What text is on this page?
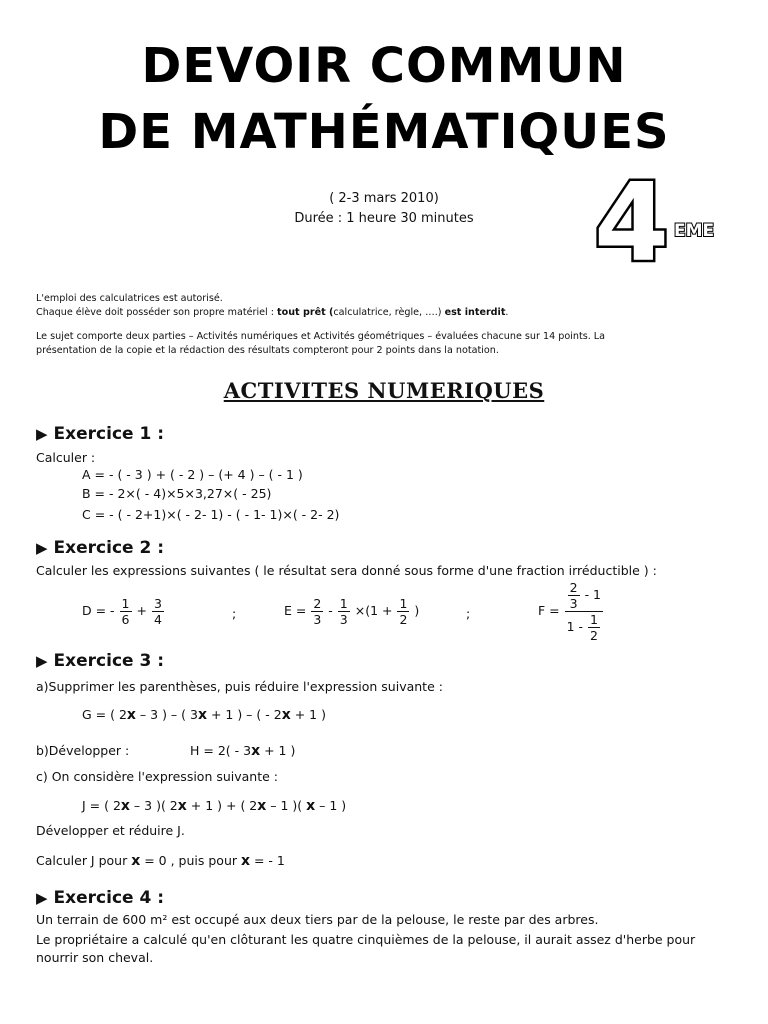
DEVOIR COMMUN
DE MATHÉMATIQUES
( 2-3 mars 2010)
Durée : 1 heure 30 minutes	4 EME
L'emploi des calculatrices est autorisé.
Chaque élève doit posséder son propre matériel : tout prêt (calculatrice, règle, ….) est interdit.
Le sujet comporte deux parties – Activités numériques et Activités géométriques – évaluées chacune sur 14 points. La
présentation de la copie et la rédaction des résultats compteront pour 2 points dans la notation.
ACTIVITES NUMERIQUES
▶ Exercice 1 :
Calculer :
A = - ( - 3 ) + ( - 2 ) – (+ 4 ) – ( - 1 )
B = - 2×( - 4)×5×3,27×( - 25)
C = - ( - 2+1)×( - 2- 1) - ( - 1- 1)×( - 2- 2)
▶ Exercice 2 :
Calculer les expressions suivantes ( le résultat sera donné sous forme d'une fraction irréductible ) :
D = - $\frac{1}{6} + \frac{3}{4}$	;	$E = \frac{2}{3} - \frac{1}{3} \times(1 + \frac{1}{2}$ )	;	$F = \frac{\frac{2}{3} - 1}{1 - \frac{1}{2}}$
▶ Exercice 3 :
a)Supprimer les parenthèses, puis réduire l'expression suivante :
G = ( 2x – 3 ) – ( 3x + 1 ) – ( - 2x + 1 )
b)Développer :	H = 2( - 3x + 1 )
c) On considère l'expression suivante :
J = ( 2x – 3 )( 2x + 1 ) + ( 2x – 1 )( x – 1 )
Développer et réduire J.
Calculer J pour x = 0 , puis pour x = - 1
▶ Exercice 4 :
Un terrain de 600 m² est occupé aux deux tiers par de la pelouse, le reste par des arbres.
Le propriétaire a calculé qu'en clôturant les quatre cinquièmes de la pelouse, il aurait assez d'herbe pour
nourrir son cheval.
